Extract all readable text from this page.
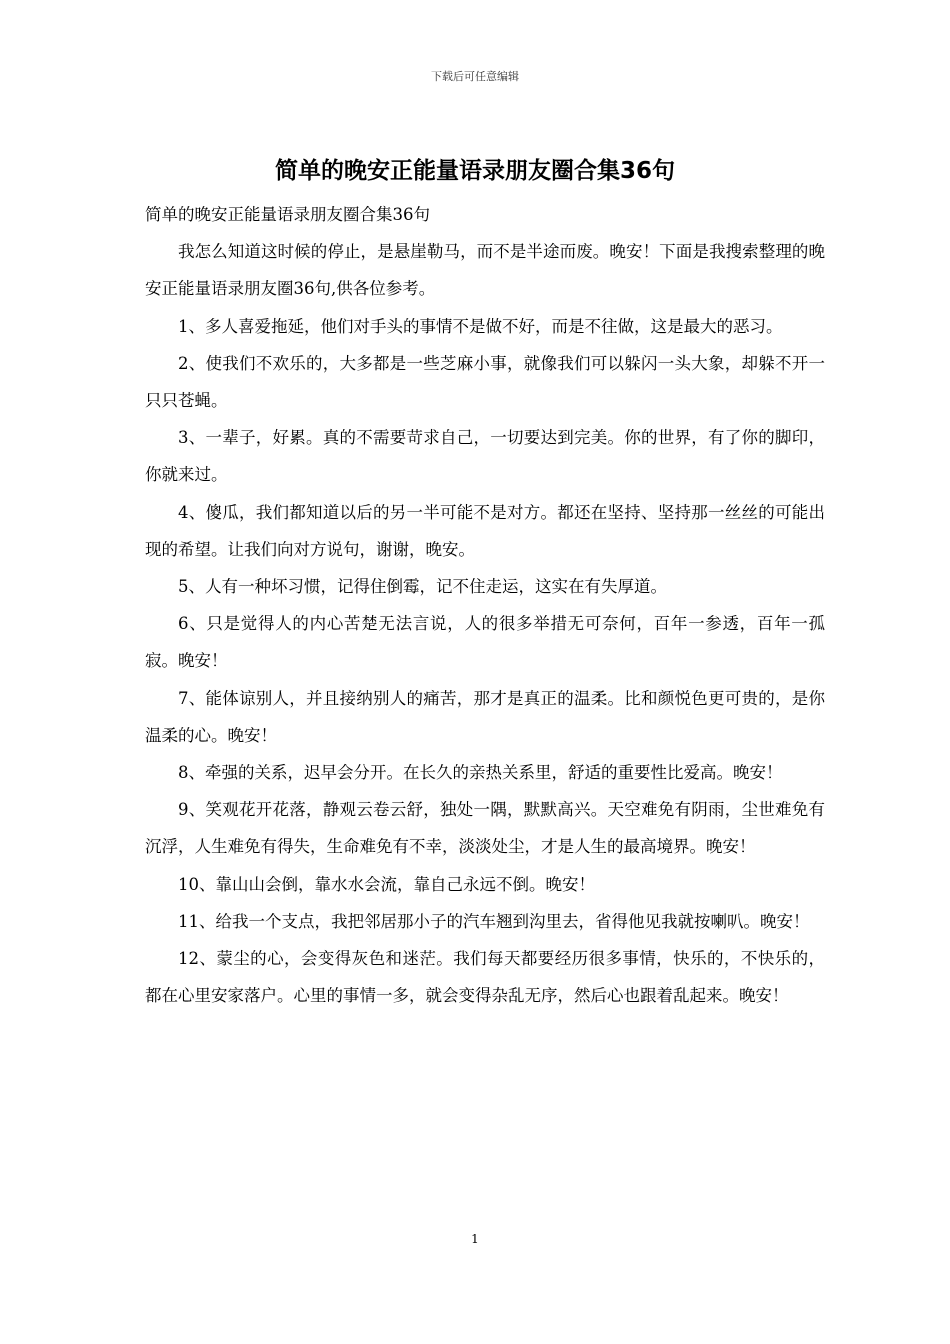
下载后可任意编辑
简单的晚安正能量语录朋友圈合集36句

简单的晚安正能量语录朋友圈合集36句

我怎么知道这时候的停止，是悬崖勒马，而不是半途而废。晚安！下面是我搜索整理的晚安正能量语录朋友圈36句,供各位参考。

1、多人喜爱拖延，他们对手头的事情不是做不好，而是不往做，这是最大的恶习。

2、使我们不欢乐的，大多都是一些芝麻小事，就像我们可以躲闪一头大象，却躲不开一只只苍蝇。

3、一辈子，好累。真的不需要苛求自己，一切要达到完美。你的世界，有了你的脚印，你就来过。

4、傻瓜，我们都知道以后的另一半可能不是对方。都还在坚持、坚持那一丝丝的可能出现的希望。让我们向对方说句，谢谢，晚安。

5、人有一种坏习惯，记得住倒霉，记不住走运，这实在有失厚道。

6、只是觉得人的内心苦楚无法言说，人的很多举措无可奈何，百年一参透，百年一孤寂。晚安！

7、能体谅别人，并且接纳别人的痛苦，那才是真正的温柔。比和颜悦色更可贵的，是你温柔的心。晚安！

8、牵强的关系，迟早会分开。在长久的亲热关系里，舒适的重要性比爱高。晚安！

9、笑观花开花落，静观云卷云舒，独处一隅，默默高兴。天空难免有阴雨，尘世难免有沉浮，人生难免有得失，生命难免有不幸，淡淡处尘，才是人生的最高境界。晚安！

10、靠山山会倒，靠水水会流，靠自己永远不倒。晚安！

11、给我一个支点，我把邻居那小子的汽车翘到沟里去，省得他见我就按喇叭。晚安！

12、蒙尘的心，会变得灰色和迷茫。我们每天都要经历很多事情，快乐的，不快乐的，都在心里安家落户。心里的事情一多，就会变得杂乱无序，然后心也跟着乱起来。晚安！

1
